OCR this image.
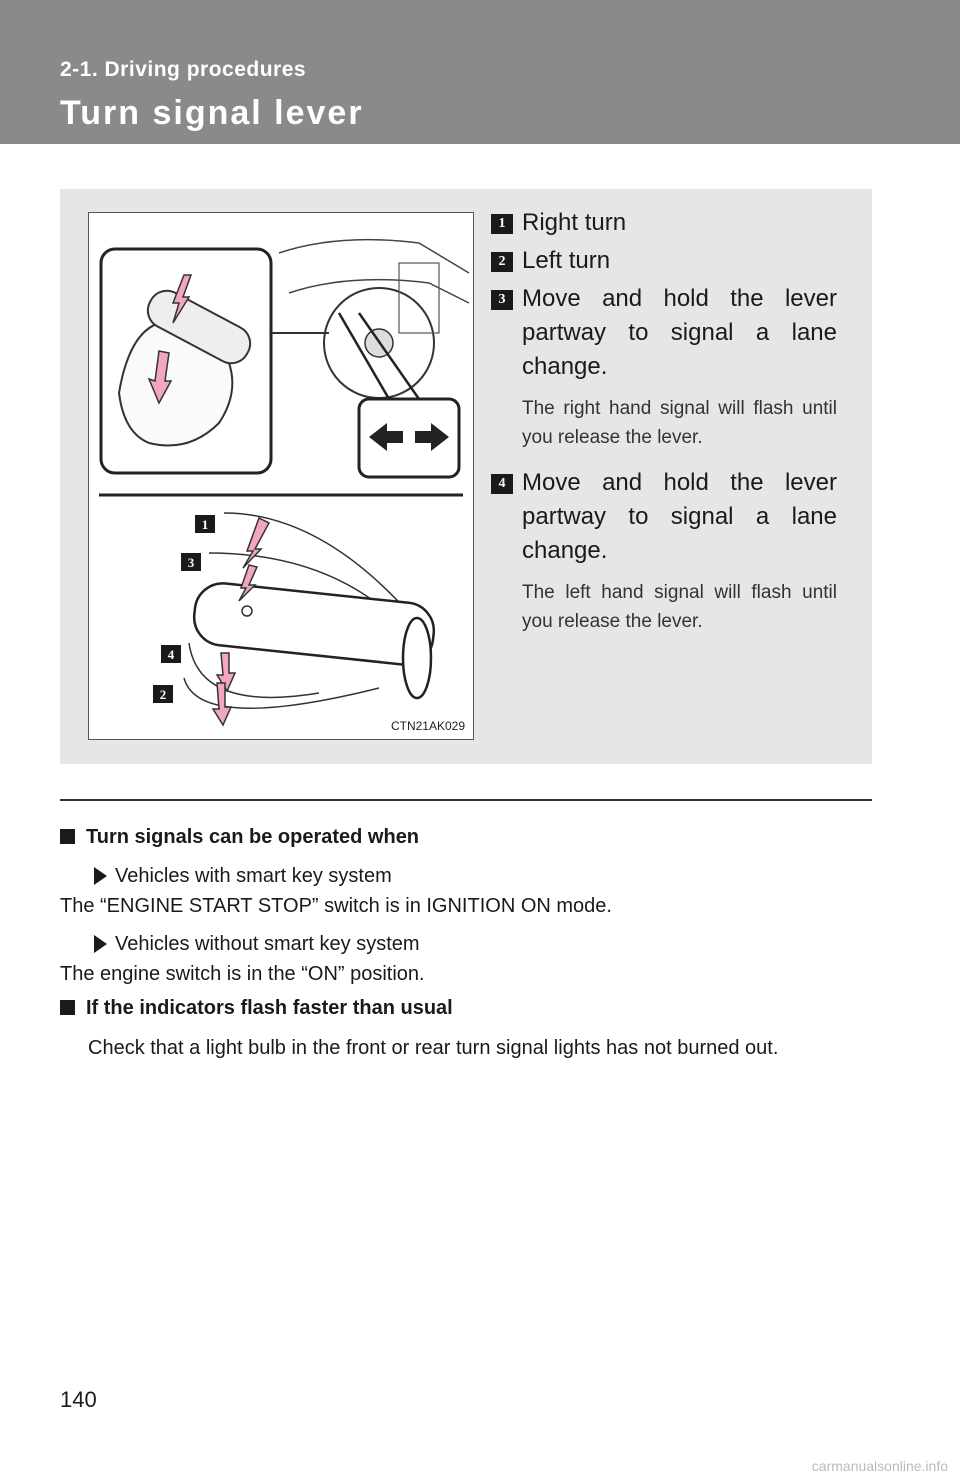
2-1. Driving procedures
Turn signal lever
1
3
4
2
CTN21AK029
1 Right turn
2 Left turn
3 Move and hold the lever partway to signal a lane change.
The right hand signal will flash until you release the lever.
4 Move and hold the lever partway to signal a lane change.
The left hand signal will flash until you release the lever.
Turn signals can be operated when
Vehicles with smart key system
The “ENGINE START STOP” switch is in IGNITION ON mode.
Vehicles without smart key system
The engine switch is in the “ON” position.
If the indicators flash faster than usual
Check that a light bulb in the front or rear turn signal lights has not burned out.
140
carmanualsonline.info
